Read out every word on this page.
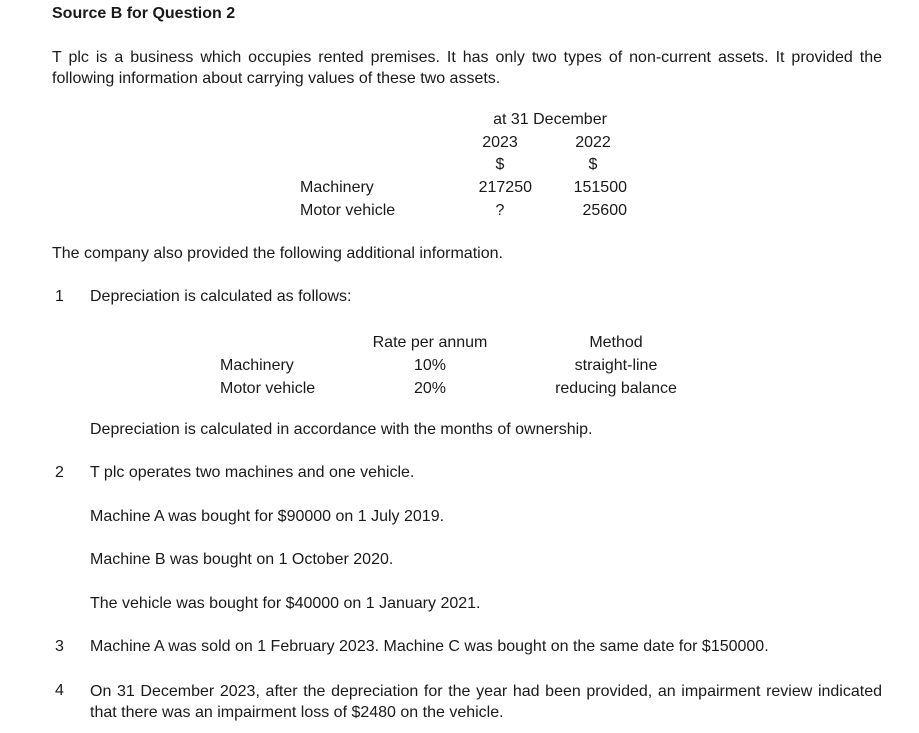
Source B for Question 2
T plc is a business which occupies rented premises. It has only two types of non-current assets. It provided the following information about carrying values of these two assets.
at 31 December
2023	2022
$	$
Machinery	217250	151500
Motor vehicle	?	25600
The company also provided the following additional information.
1 Depreciation is calculated as follows:
Rate per annum	Method
Machinery	10%	straight-line
Motor vehicle	20%	reducing balance
Depreciation is calculated in accordance with the months of ownership.
2 T plc operates two machines and one vehicle.
Machine A was bought for $90000 on 1 July 2019.
Machine B was bought on 1 October 2020.
The vehicle was bought for $40000 on 1 January 2021.
3 Machine A was sold on 1 February 2023. Machine C was bought on the same date for $150000.
4 On 31 December 2023, after the depreciation for the year had been provided, an impairment review indicated that there was an impairment loss of $2480 on the vehicle.
